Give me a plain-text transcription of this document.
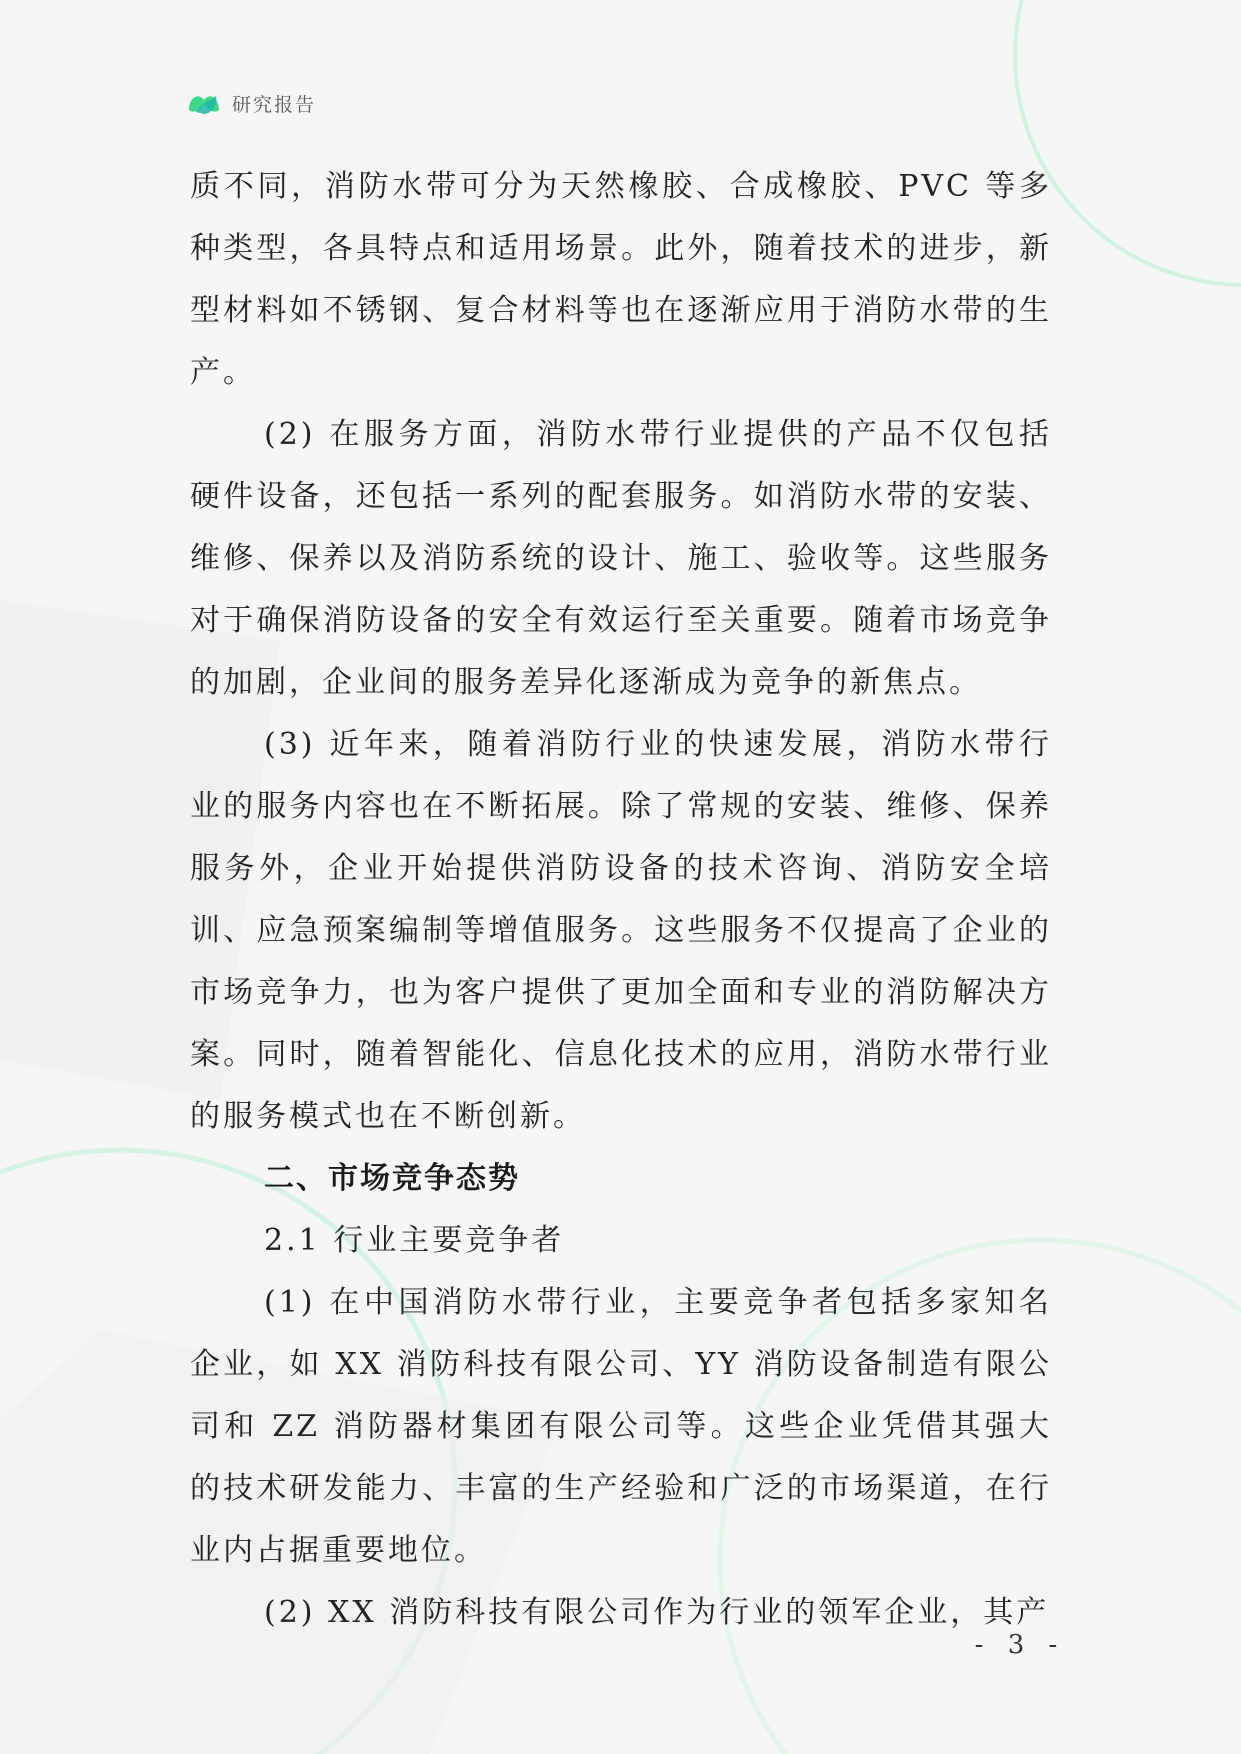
研究报告

质不同，消防水带可分为天然橡胶、合成橡胶、PVC 等多种类型，各具特点和适用场景。此外，随着技术的进步，新型材料如不锈钢、复合材料等也在逐渐应用于消防水带的生产。

(2) 在服务方面，消防水带行业提供的产品不仅包括硬件设备，还包括一系列的配套服务。如消防水带的安装、维修、保养以及消防系统的设计、施工、验收等。这些服务对于确保消防设备的安全有效运行至关重要。随着市场竞争的加剧，企业间的服务差异化逐渐成为竞争的新焦点。

(3) 近年来，随着消防行业的快速发展，消防水带行业的服务内容也在不断拓展。除了常规的安装、维修、保养服务外，企业开始提供消防设备的技术咨询、消防安全培训、应急预案编制等增值服务。这些服务不仅提高了企业的市场竞争力，也为客户提供了更加全面和专业的消防解决方案。同时，随着智能化、信息化技术的应用，消防水带行业的服务模式也在不断创新。

二、市场竞争态势

2.1 行业主要竞争者

(1) 在中国消防水带行业，主要竞争者包括多家知名企业，如 XX 消防科技有限公司、YY 消防设备制造有限公司和 ZZ 消防器材集团有限公司等。这些企业凭借其强大的技术研发能力、丰富的生产经验和广泛的市场渠道，在行业内占据重要地位。

(2) XX 消防科技有限公司作为行业的领军企业，其产

- 3 -
